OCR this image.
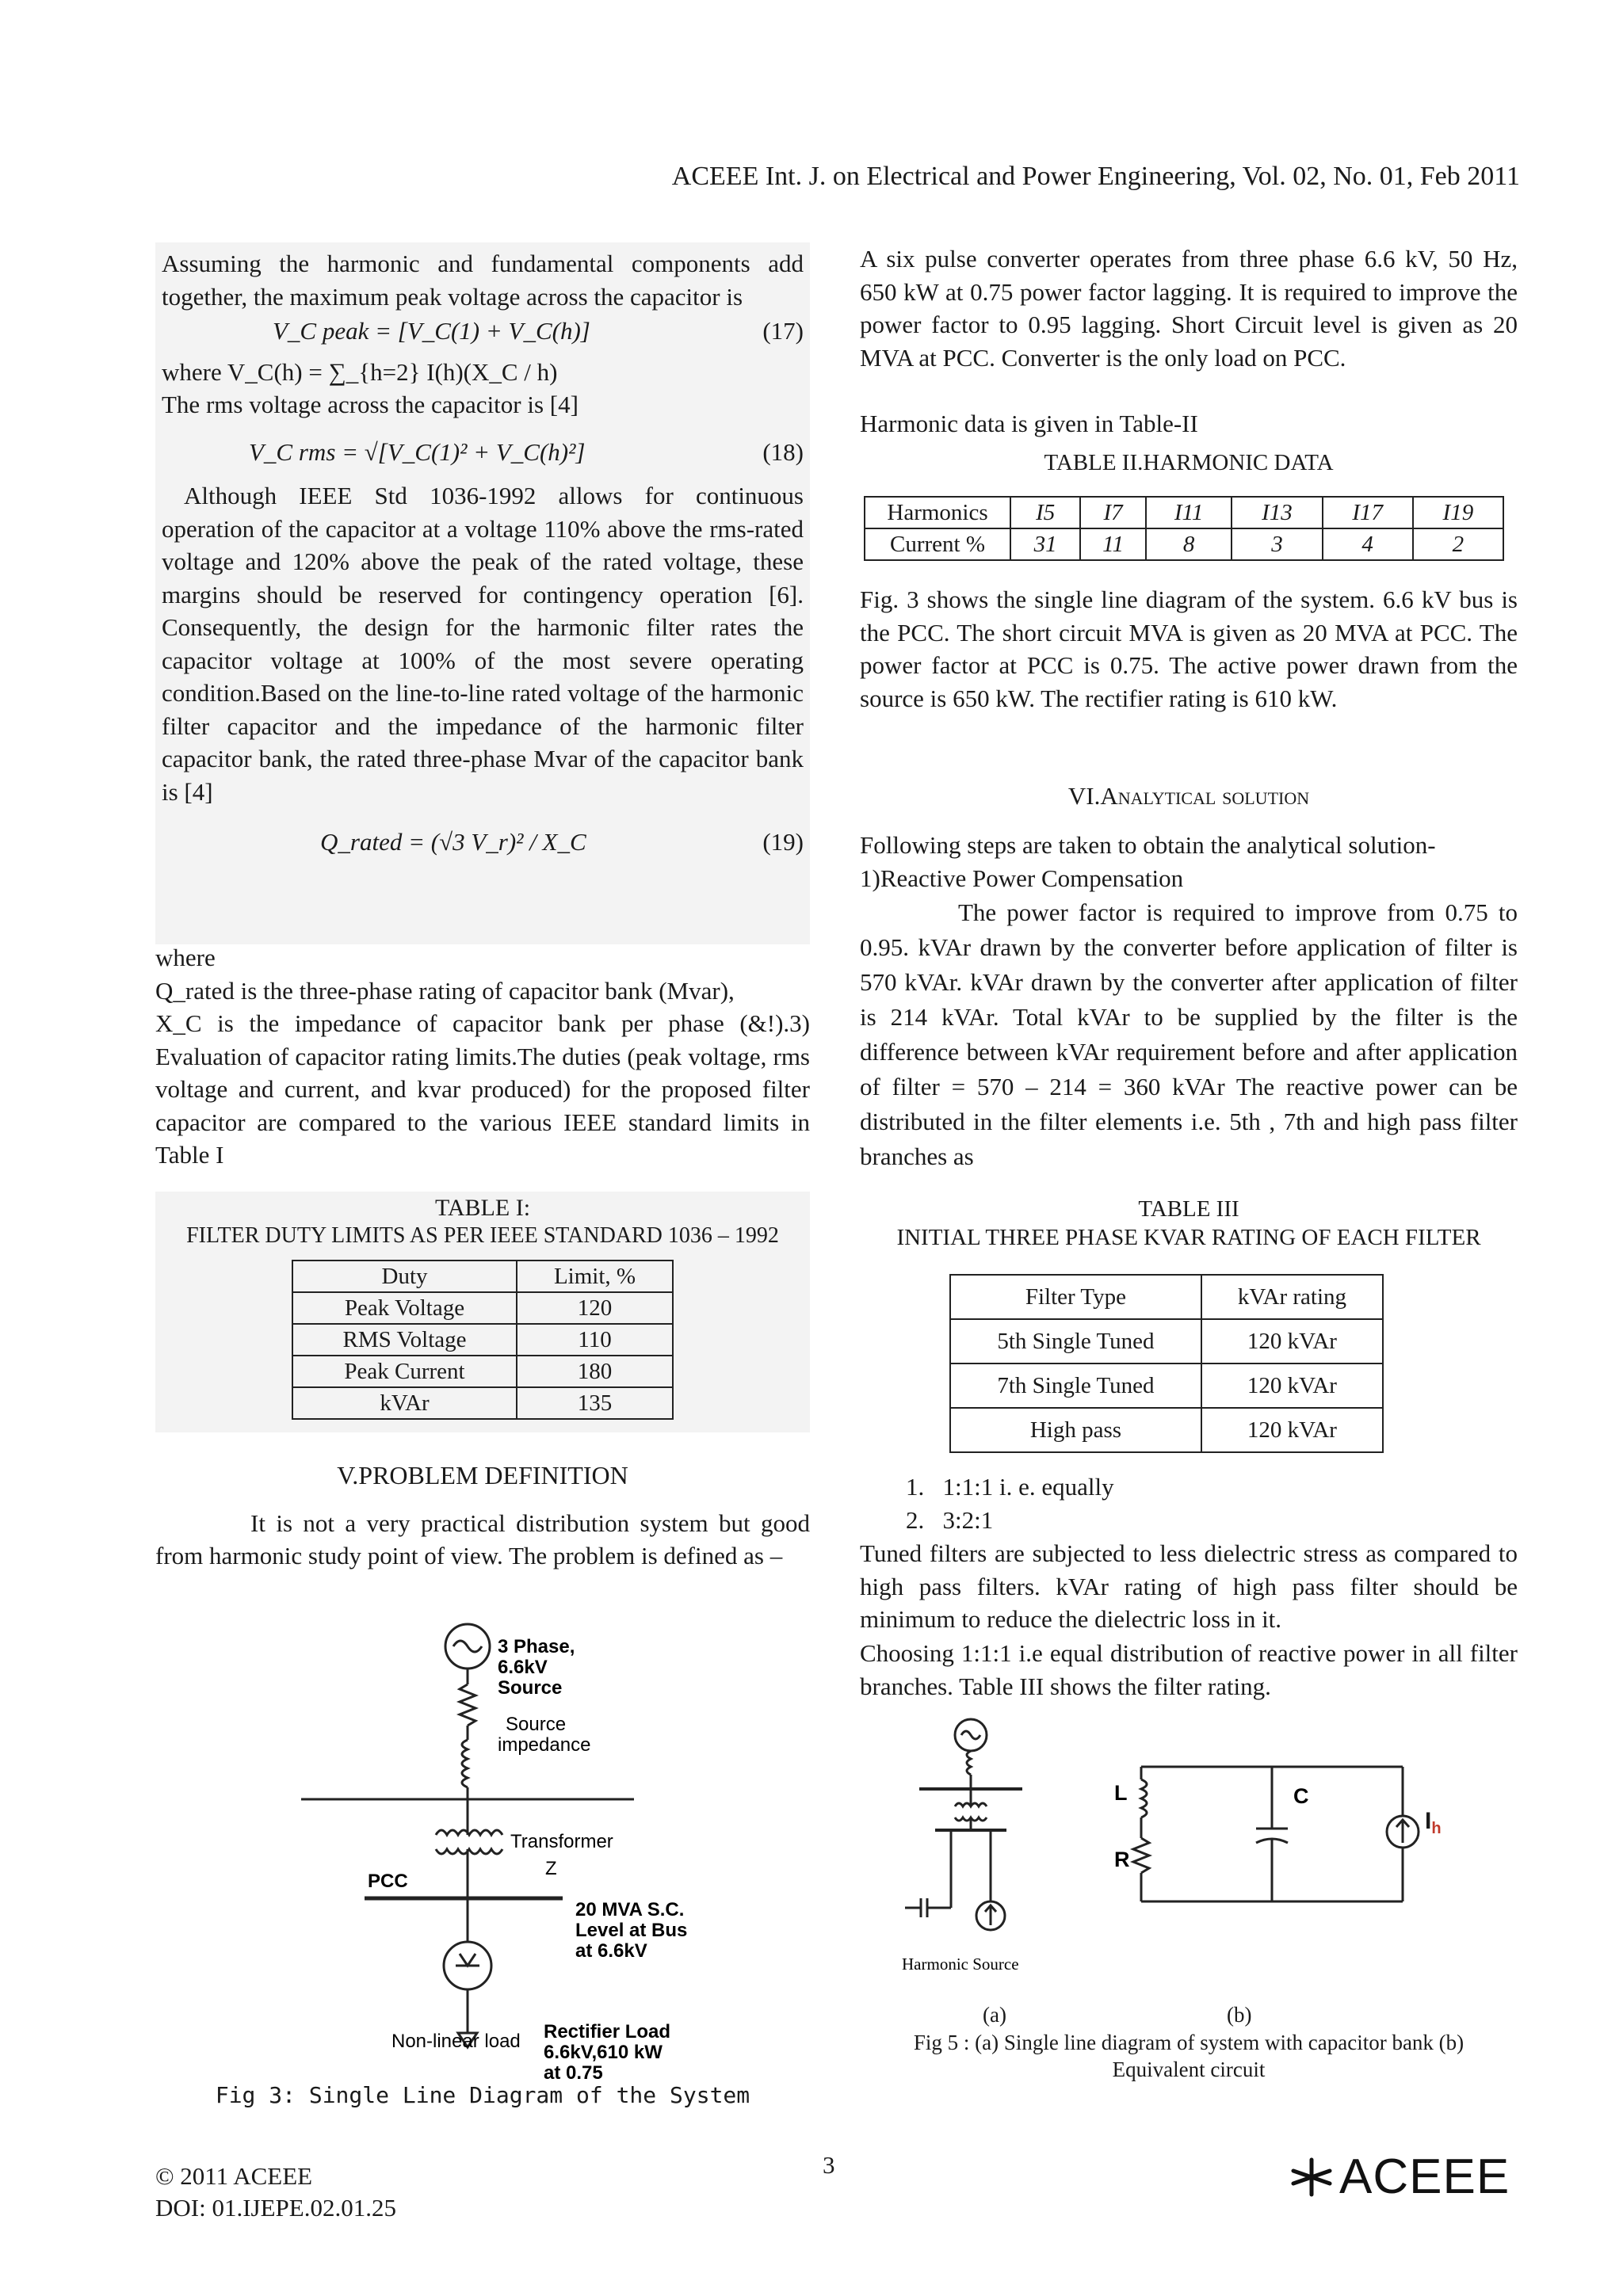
ACEEE Int. J. on Electrical and Power Engineering, Vol. 02, No. 01, Feb 2011

Assuming the harmonic and fundamental components add together, the maximum peak voltage across the capacitor is

V_C peak = [V_C(1) + V_C(h)]	(17)

where V_C(h) = ∑_{h=2} I(h)(X_C / h)

The rms voltage across the capacitor is [4]

V_C rms = √[V_C(1)² + V_C(h)²]	(18)

Although IEEE Std 1036-1992 allows for continuous operation of the capacitor at a voltage 110% above the rms-rated voltage and 120% above the peak of the rated voltage, these margins should be reserved for contingency operation [6]. Consequently, the design for the harmonic filter rates the capacitor voltage at 100% of the most severe operating condition.Based on the line-to-line rated voltage of the harmonic filter capacitor and the impedance of the harmonic filter capacitor bank, the rated three-phase Mvar of the capacitor bank is [4]

Q_rated = (√3 V_r)² / X_C	(19)
where
Q_rated is the three-phase rating of capacitor bank (Mvar),
X_C is the impedance of capacitor bank per phase (&!).3) Evaluation of capacitor rating limits.The duties (peak voltage, rms voltage and current, and kvar produced) for the proposed filter capacitor are compared to the various IEEE standard limits in Table I
TABLE I:
FILTER DUTY LIMITS AS PER IEEE STANDARD 1036 – 1992
Duty	Limit, %
Peak Voltage	120
RMS Voltage	110
Peak Current	180
kVAr	135
V.PROBLEM DEFINITION
It is not a very practical distribution system but good from harmonic study point of view. The problem is defined as –
3 Phase,
6.6kV
Source
Source
impedance
Transformer
Z
PCC
20 MVA S.C.
Level at Bus
at 6.6kV
Non-linear load Rectifier Load
6.6kV,610 kW
at 0.75
Fig 3: Single Line Diagram of the System
A six pulse converter operates from three phase 6.6 kV, 50 Hz, 650 kW at 0.75 power factor lagging. It is required to improve the power factor to 0.95 lagging. Short Circuit level is given as 20 MVA at PCC. Converter is the only load on PCC.
Harmonic data is given in Table-II
TABLE II.HARMONIC DATA
Harmonics	I5	I7	I11	I13	I17	I19
Current %	31	11	8	3	4	2
Fig. 3 shows the single line diagram of the system. 6.6 kV bus is the PCC. The short circuit MVA is given as 20 MVA at PCC. The power factor at PCC is 0.75. The active power drawn from the source is 650 kW. The rectifier rating is 610 kW.
VI.Analytical solution
Following steps are taken to obtain the analytical solution-
1)Reactive Power Compensation
The power factor is required to improve from 0.75 to 0.95. kVAr drawn by the converter before application of filter is 570 kVAr. kVAr drawn by the converter after application of filter is 214 kVAr. Total kVAr to be supplied by the filter is the difference between kVAr requirement before and after application of filter = 570 – 214 = 360 kVAr The reactive power can be distributed in the filter elements i.e. 5th , 7th and high pass filter branches as
TABLE III
INITIAL THREE PHASE KVAR RATING OF EACH FILTER
Filter Type	kVAr rating
5th Single Tuned	120 kVAr
7th Single Tuned	120 kVAr
High pass	120 kVAr
1. 1:1:1 i. e. equally
2. 3:2:1
Tuned filters are subjected to less dielectric stress as compared to high pass filters. kVAr rating of high pass filter should be minimum to reduce the dielectric loss in it.
Choosing 1:1:1 i.e equal distribution of reactive power in all filter branches. Table III shows the filter rating.
Harmonic Source
L
R
C
$I_h$
(a)	(b)
Fig 5 : (a) Single line diagram of system with capacitor bank (b)
Equivalent circuit
© 2011 ACEEE
DOI: 01.IJEPE.02.01.25
3	ACEEE
